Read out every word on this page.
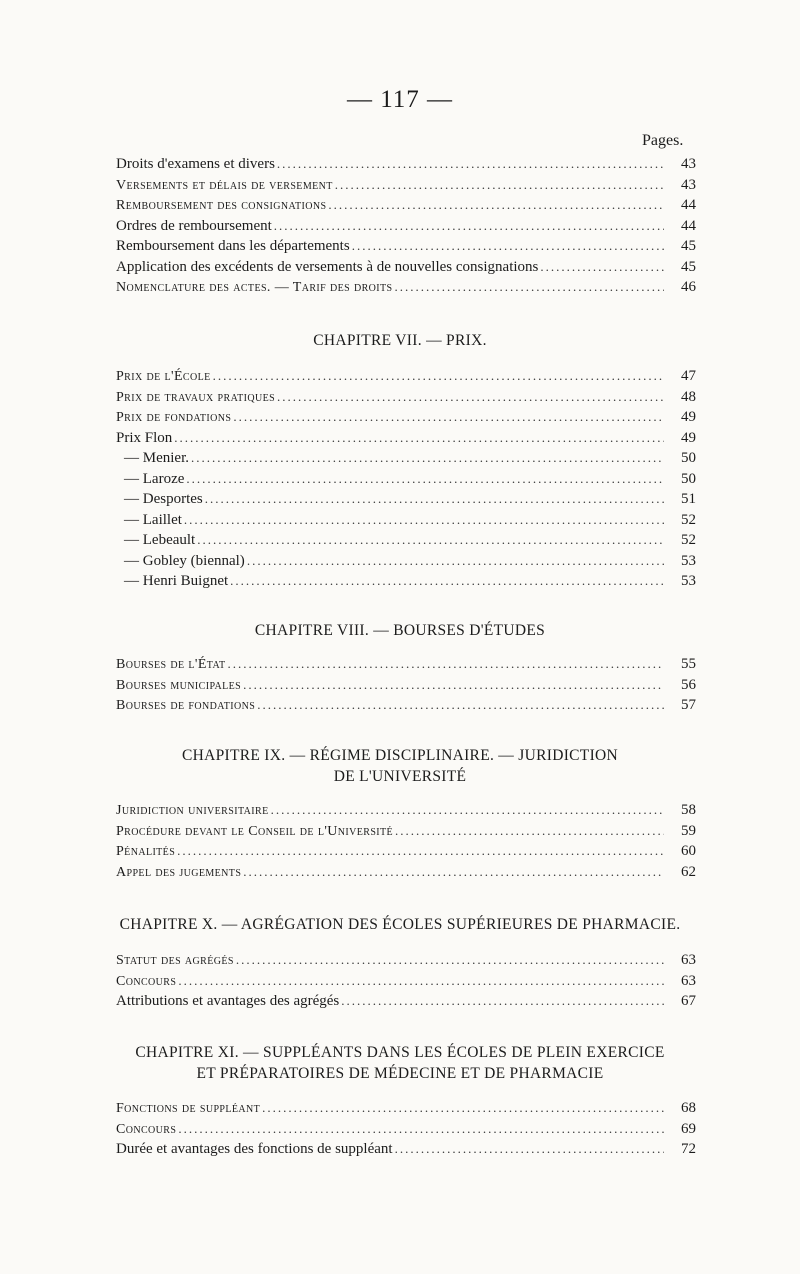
— 117 —
Pages.
Droits d'examens et divers .....	43
Versements et délais de versement .....	43
Remboursement des consignations .....	44
Ordres de remboursement .....	44
Remboursement dans les départements .....	45
Application des excédents de versements à de nouvelles consignations .....	45
Nomenclature des actes. — Tarif des droits .....	46
CHAPITRE VII. — PRIX.
Prix de l'École .....	47
Prix de travaux pratiques .....	48
Prix de fondations .....	49
Prix Flon .....	49
— Menier. .....	50
— Laroze .....	50
— Desportes .....	51
— Laillet .....	52
— Lebeault .....	52
— Gobley (biennal) .....	53
— Henri Buignet .....	53
CHAPITRE VIII. — BOURSES D'ÉTUDES
Bourses de l'État .....	55
Bourses municipales .....	56
Bourses de fondations .....	57
CHAPITRE IX. — RÉGIME DISCIPLINAIRE. — JURIDICTION
DE L'UNIVERSITÉ
Juridiction universitaire .....	58
Procédure devant le Conseil de l'Université .....	59
Pénalités .....	60
Appel des jugements .....	62
CHAPITRE X. — AGRÉGATION DES ÉCOLES SUPÉRIEURES DE PHARMACIE.
Statut des agrégés .....	63
Concours .....	63
Attributions et avantages des agrégés .....	67
CHAPITRE XI. — SUPPLÉANTS DANS LES ÉCOLES DE PLEIN EXERCICE
ET PRÉPARATOIRES DE MÉDECINE ET DE PHARMACIE
Fonctions de suppléant .....	68
Concours .....	69
Durée et avantages des fonctions de suppléant .....	72
